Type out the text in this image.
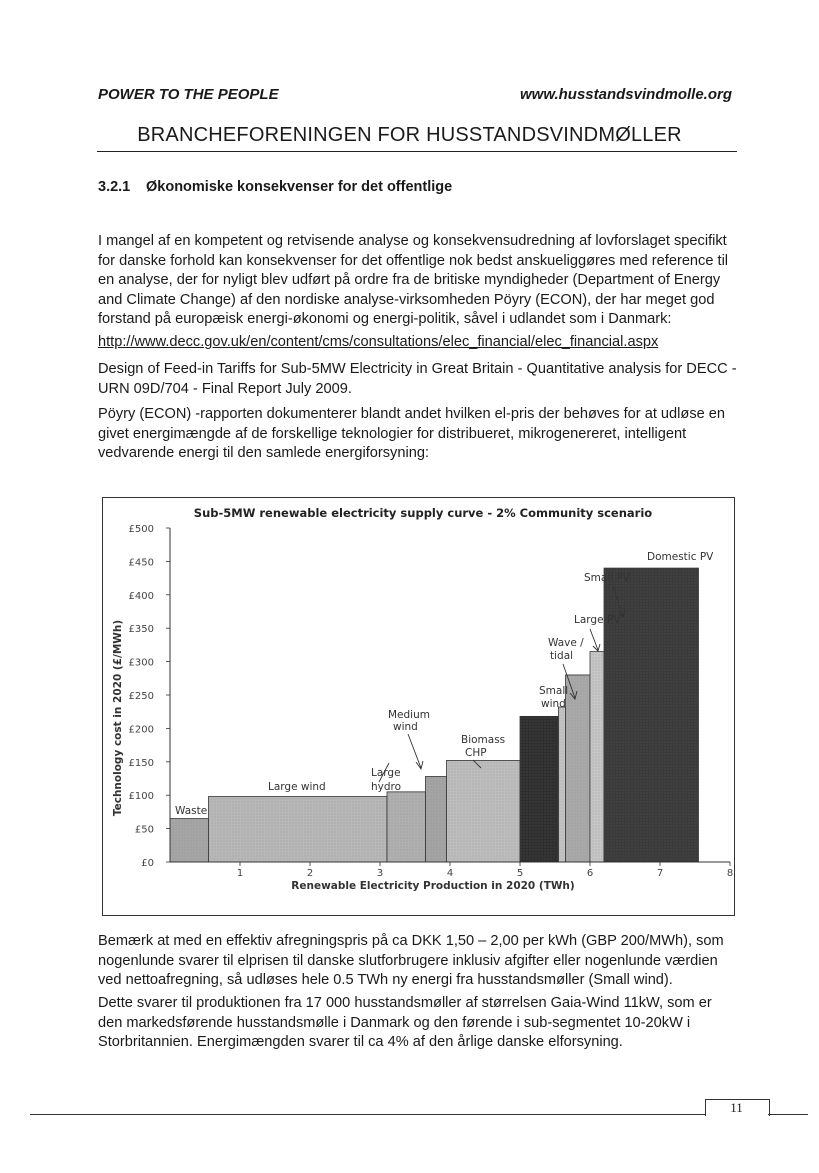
POWER TO THE PEOPLE	www.husstandsvindmolle.org
BRANCHEFORENINGEN FOR HUSSTANDSVINDMØLLER
3.2.1 Økonomiske konsekvenser for det offentlige

I mangel af en kompetent og retvisende analyse og konsekvensudredning af lovforslaget specifikt for danske forhold kan konsekvenser for det offentlige nok bedst anskueliggøres med reference til en analyse, der for nyligt blev udført på ordre fra de britiske myndigheder (Department of Energy and Climate Change) af den nordiske analyse-virksomheden Pöyry (ECON), der har meget god forstand på europæisk energi-økonomi og energi-politik, såvel i udlandet som i Danmark:

http://www.decc.gov.uk/en/content/cms/consultations/elec_financial/elec_financial.aspx

Design of Feed-in Tariffs for Sub-5MW Electricity in Great Britain - Quantitative analysis for DECC - URN 09D/704 - Final Report July 2009.

Pöyry (ECON) -rapporten dokumenterer blandt andet hvilken el-pris der behøves for at udløse en givet energimængde af de forskellige teknologier for distribueret, mikrogenereret, intelligent vedvarende energi til den samlede energiforsyning:

Sub-5MW renewable electricity supply curve - 2% Community scenario
Technology cost in 2020 (£/MWh)
Renewable Electricity Production in 2020 (TWh)
£0
£50
£100
£150
£200
£250
£300
£350
£400
£450
£500
1	2	3	4	5	6	7	8
Waste
Large wind
Large
hydro
Medium
wind
Biomass
CHP
Small
wind
Wave /
tidal
Large PV
Small PV
Domestic PV

Bemærk at med en effektiv afregningspris på ca DKK 1,50 – 2,00 per kWh (GBP 200/MWh), som nogenlunde svarer til elprisen til danske slutforbrugere inklusiv afgifter eller nogenlunde værdien ved nettoafregning, så udløses hele 0.5 TWh ny energi fra husstandsmøller (Small wind).

Dette svarer til produktionen fra 17 000 husstandsmøller af størrelsen Gaia-Wind 11kW, som er den markedsførende husstandsmølle i Danmark og den førende i sub-segmentet 10-20kW i Storbritannien. Energimængden svarer til ca 4% af den årlige danske elforsyning.

11
